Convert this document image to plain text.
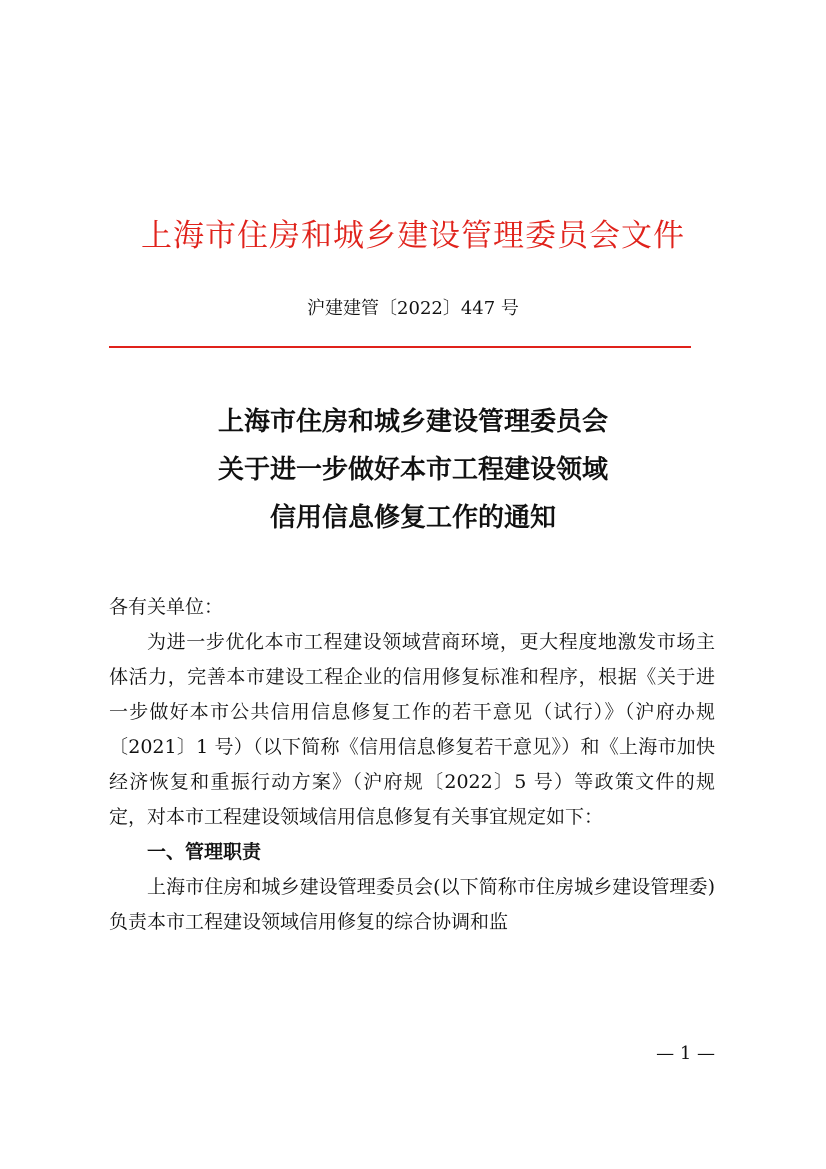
上海市住房和城乡建设管理委员会文件
沪建建管〔2022〕447 号
上海市住房和城乡建设管理委员会
关于进一步做好本市工程建设领域
信用信息修复工作的通知

各有关单位：

为进一步优化本市工程建设领域营商环境，更大程度地激发市场主体活力，完善本市建设工程企业的信用修复标准和程序，根据《关于进一步做好本市公共信用信息修复工作的若干意见（试行）》（沪府办规〔2021〕1 号）（以下简称《信用信息修复若干意见》）和《上海市加快经济恢复和重振行动方案》（沪府规〔2022〕5 号）等政策文件的规定，对本市工程建设领域信用信息修复有关事宜规定如下：

一、管理职责

上海市住房和城乡建设管理委员会(以下简称市住房城乡建设管理委)负责本市工程建设领域信用修复的综合协调和监

— 1 —
